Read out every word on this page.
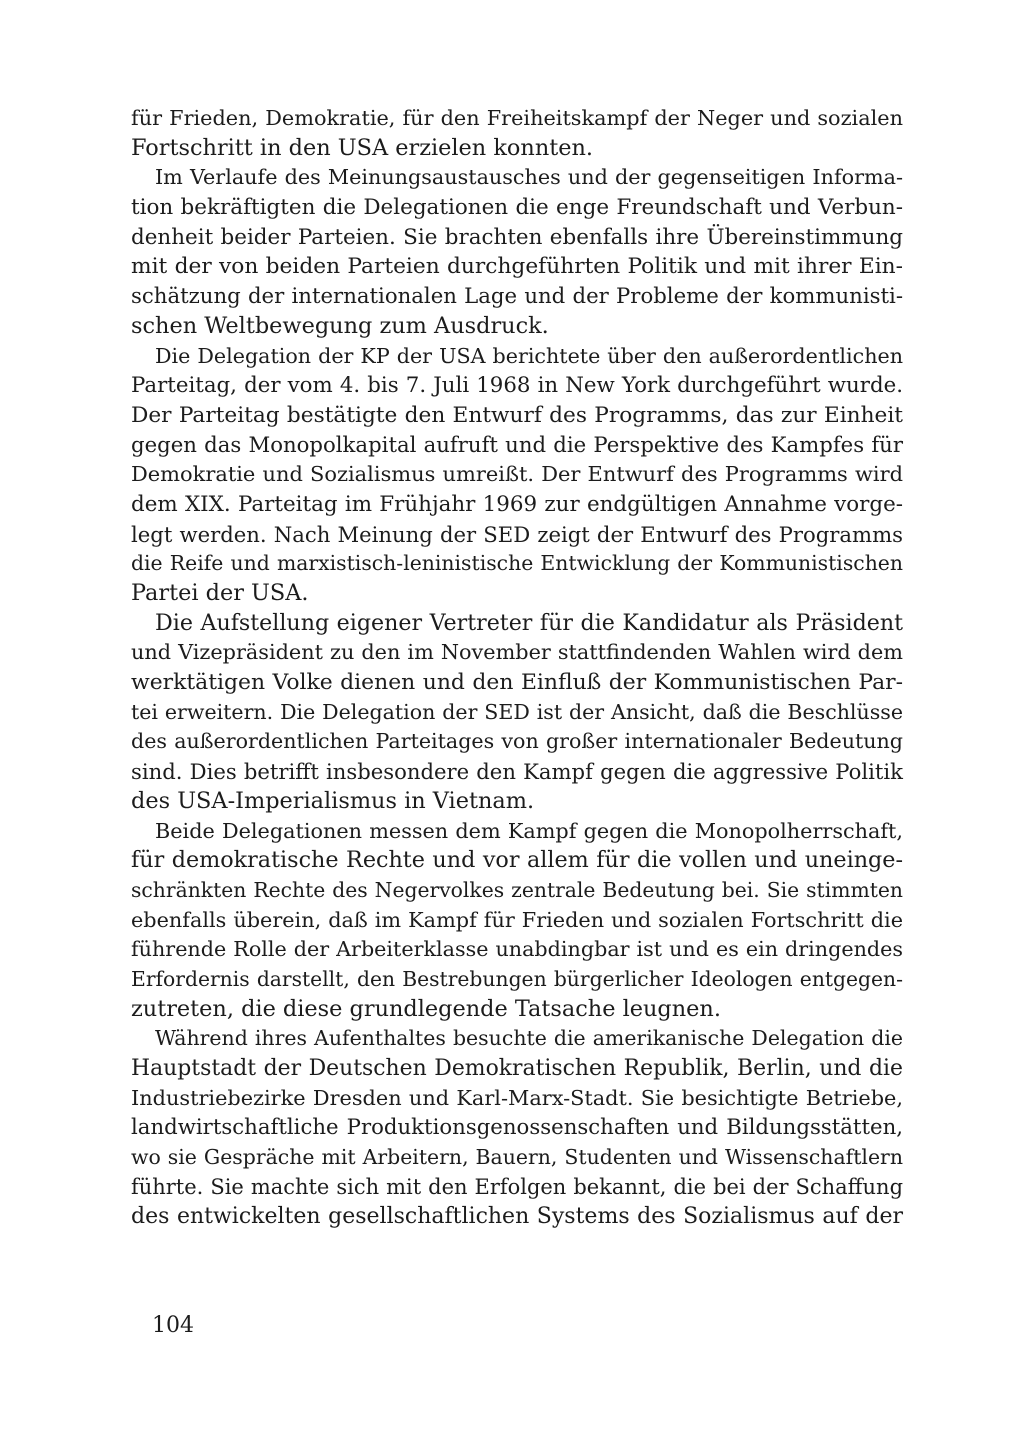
für Frieden, Demokratie, für den Freiheitskampf der Neger und sozialen
Fortschritt in den USA erzielen konnten.
Im Verlaufe des Meinungsaustausches und der gegenseitigen Informa-
tion bekräftigten die Delegationen die enge Freundschaft und Verbun-
denheit beider Parteien. Sie brachten ebenfalls ihre Übereinstimmung
mit der von beiden Parteien durchgeführten Politik und mit ihrer Ein-
schätzung der internationalen Lage und der Probleme der kommunisti-
schen Weltbewegung zum Ausdruck.
Die Delegation der KP der USA berichtete über den außerordentlichen
Parteitag, der vom 4. bis 7. Juli 1968 in New York durchgeführt wurde.
Der Parteitag bestätigte den Entwurf des Programms, das zur Einheit
gegen das Monopolkapital aufruft und die Perspektive des Kampfes für
Demokratie und Sozialismus umreißt. Der Entwurf des Programms wird
dem XIX. Parteitag im Frühjahr 1969 zur endgültigen Annahme vorge-
legt werden. Nach Meinung der SED zeigt der Entwurf des Programms
die Reife und marxistisch-leninistische Entwicklung der Kommunistischen
Partei der USA.
Die Aufstellung eigener Vertreter für die Kandidatur als Präsident
und Vizepräsident zu den im November stattfindenden Wahlen wird dem
werktätigen Volke dienen und den Einfluß der Kommunistischen Par-
tei erweitern. Die Delegation der SED ist der Ansicht, daß die Beschlüsse
des außerordentlichen Parteitages von großer internationaler Bedeutung
sind. Dies betrifft insbesondere den Kampf gegen die aggressive Politik
des USA-Imperialismus in Vietnam.
Beide Delegationen messen dem Kampf gegen die Monopolherrschaft,
für demokratische Rechte und vor allem für die vollen und uneinge-
schränkten Rechte des Negervolkes zentrale Bedeutung bei. Sie stimmten
ebenfalls überein, daß im Kampf für Frieden und sozialen Fortschritt die
führende Rolle der Arbeiterklasse unabdingbar ist und es ein dringendes
Erfordernis darstellt, den Bestrebungen bürgerlicher Ideologen entgegen-
zutreten, die diese grundlegende Tatsache leugnen.
Während ihres Aufenthaltes besuchte die amerikanische Delegation die
Hauptstadt der Deutschen Demokratischen Republik, Berlin, und die
Industriebezirke Dresden und Karl-Marx-Stadt. Sie besichtigte Betriebe,
landwirtschaftliche Produktionsgenossenschaften und Bildungsstätten,
wo sie Gespräche mit Arbeitern, Bauern, Studenten und Wissenschaftlern
führte. Sie machte sich mit den Erfolgen bekannt, die bei der Schaffung
des entwickelten gesellschaftlichen Systems des Sozialismus auf der
104
